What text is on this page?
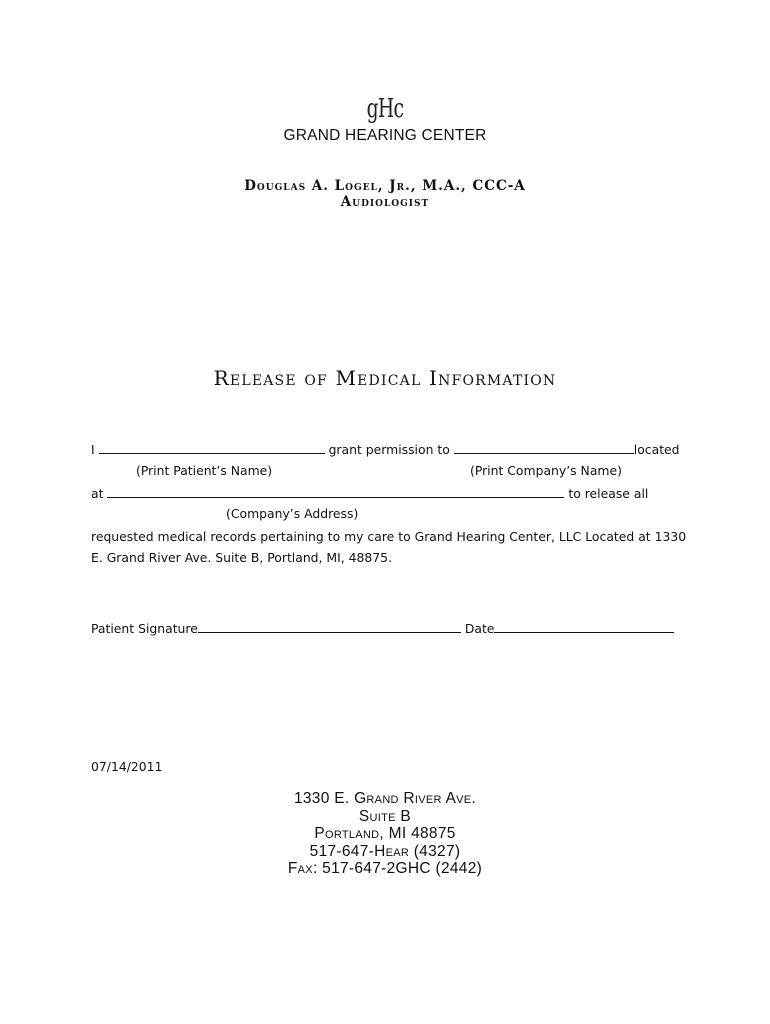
gHc
GRAND HEARING CENTER
Douglas A. Logel, Jr., M.A., CCC-A
Audiologist
Release of Medical Information
I	grant permission to	located
(Print Patient’s Name)	(Print Company’s Name)
at	to release all
(Company’s Address)
requested medical records pertaining to my care to Grand Hearing Center, LLC Located at 1330
E. Grand River Ave. Suite B, Portland, MI, 48875.
Patient Signature	Date
07/14/2011
1330 E. Grand River Ave.
Suite B
Portland, MI 48875
517-647-Hear (4327)
Fax: 517-647-2GHC (2442)
